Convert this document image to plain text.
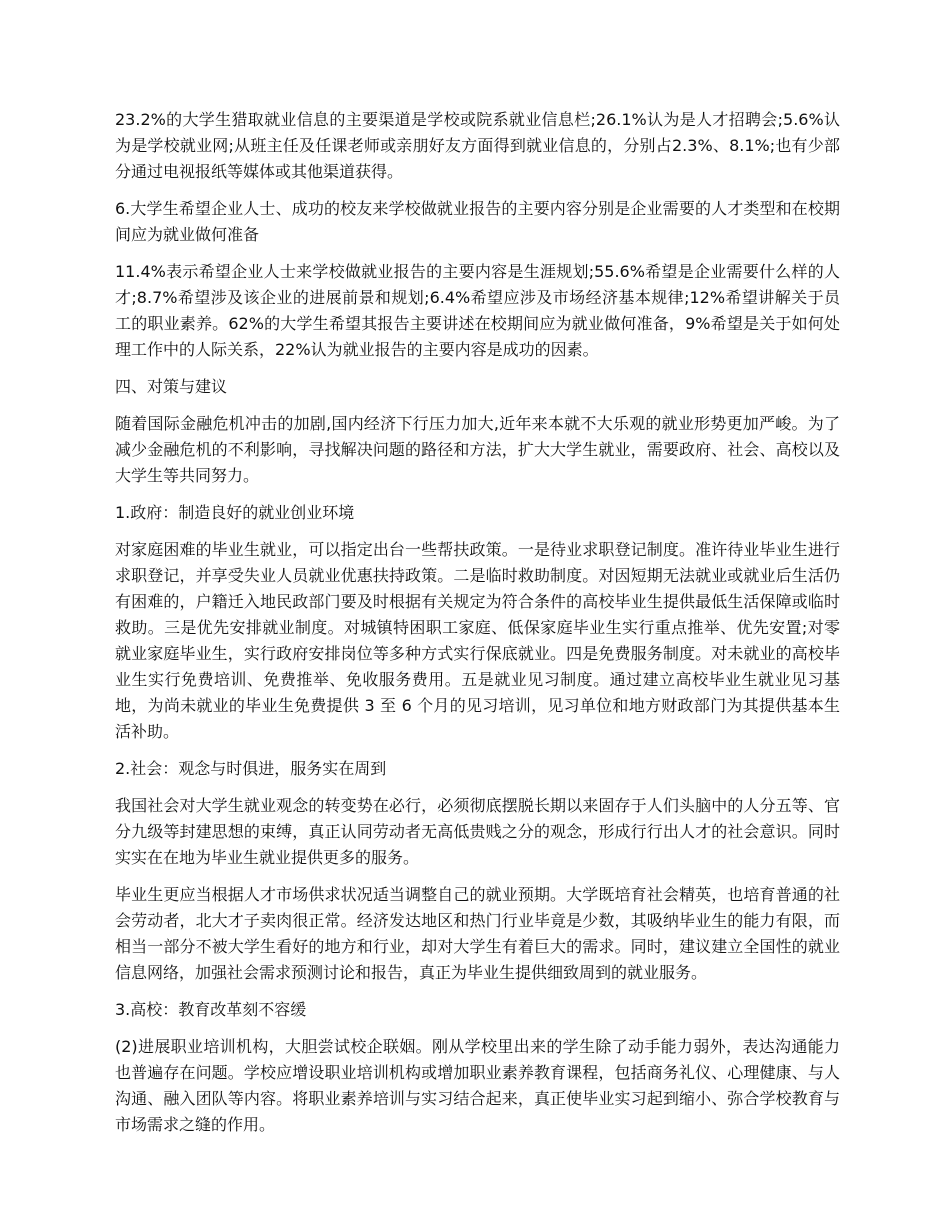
23.2%的大学生猎取就业信息的主要渠道是学校或院系就业信息栏;26.1%认为是人才招聘会;5.6%认为是学校就业网;从班主任及任课老师或亲朋好友方面得到就业信息的，分别占2.3%、8.1%;也有少部分通过电视报纸等媒体或其他渠道获得。

6.大学生希望企业人士、成功的校友来学校做就业报告的主要内容分别是企业需要的人才类型和在校期间应为就业做何准备

11.4%表示希望企业人士来学校做就业报告的主要内容是生涯规划;55.6%希望是企业需要什么样的人才;8.7%希望涉及该企业的进展前景和规划;6.4%希望应涉及市场经济基本规律;12%希望讲解关于员工的职业素养。62%的大学生希望其报告主要讲述在校期间应为就业做何准备，9%希望是关于如何处理工作中的人际关系，22%认为就业报告的主要内容是成功的因素。

四、对策与建议

随着国际金融危机冲击的加剧,国内经济下行压力加大,近年来本就不大乐观的就业形势更加严峻。为了减少金融危机的不利影响，寻找解决问题的路径和方法，扩大大学生就业，需要政府、社会、高校以及大学生等共同努力。

1.政府：制造良好的就业创业环境

对家庭困难的毕业生就业，可以指定出台一些帮扶政策。一是待业求职登记制度。准许待业毕业生进行求职登记，并享受失业人员就业优惠扶持政策。二是临时救助制度。对因短期无法就业或就业后生活仍有困难的，户籍迁入地民政部门要及时根据有关规定为符合条件的高校毕业生提供最低生活保障或临时救助。三是优先安排就业制度。对城镇特困职工家庭、低保家庭毕业生实行重点推举、优先安置;对零就业家庭毕业生，实行政府安排岗位等多种方式实行保底就业。四是免费服务制度。对未就业的高校毕业生实行免费培训、免费推举、免收服务费用。五是就业见习制度。通过建立高校毕业生就业见习基地，为尚未就业的毕业生免费提供 3 至 6 个月的见习培训，见习单位和地方财政部门为其提供基本生活补助。

2.社会：观念与时俱进，服务实在周到

我国社会对大学生就业观念的转变势在必行，必须彻底摆脱长期以来固存于人们头脑中的人分五等、官分九级等封建思想的束缚，真正认同劳动者无高低贵贱之分的观念，形成行行出人才的社会意识。同时实实在在地为毕业生就业提供更多的服务。

毕业生更应当根据人才市场供求状况适当调整自己的就业预期。大学既培育社会精英，也培育普通的社会劳动者，北大才子卖肉很正常。经济发达地区和热门行业毕竟是少数，其吸纳毕业生的能力有限，而相当一部分不被大学生看好的地方和行业，却对大学生有着巨大的需求。同时，建议建立全国性的就业信息网络，加强社会需求预测讨论和报告，真正为毕业生提供细致周到的就业服务。

3.高校：教育改革刻不容缓

(2)进展职业培训机构，大胆尝试校企联姻。刚从学校里出来的学生除了动手能力弱外，表达沟通能力也普遍存在问题。学校应增设职业培训机构或增加职业素养教育课程，包括商务礼仪、心理健康、与人沟通、融入团队等内容。将职业素养培训与实习结合起来，真正使毕业实习起到缩小、弥合学校教育与市场需求之缝的作用。
